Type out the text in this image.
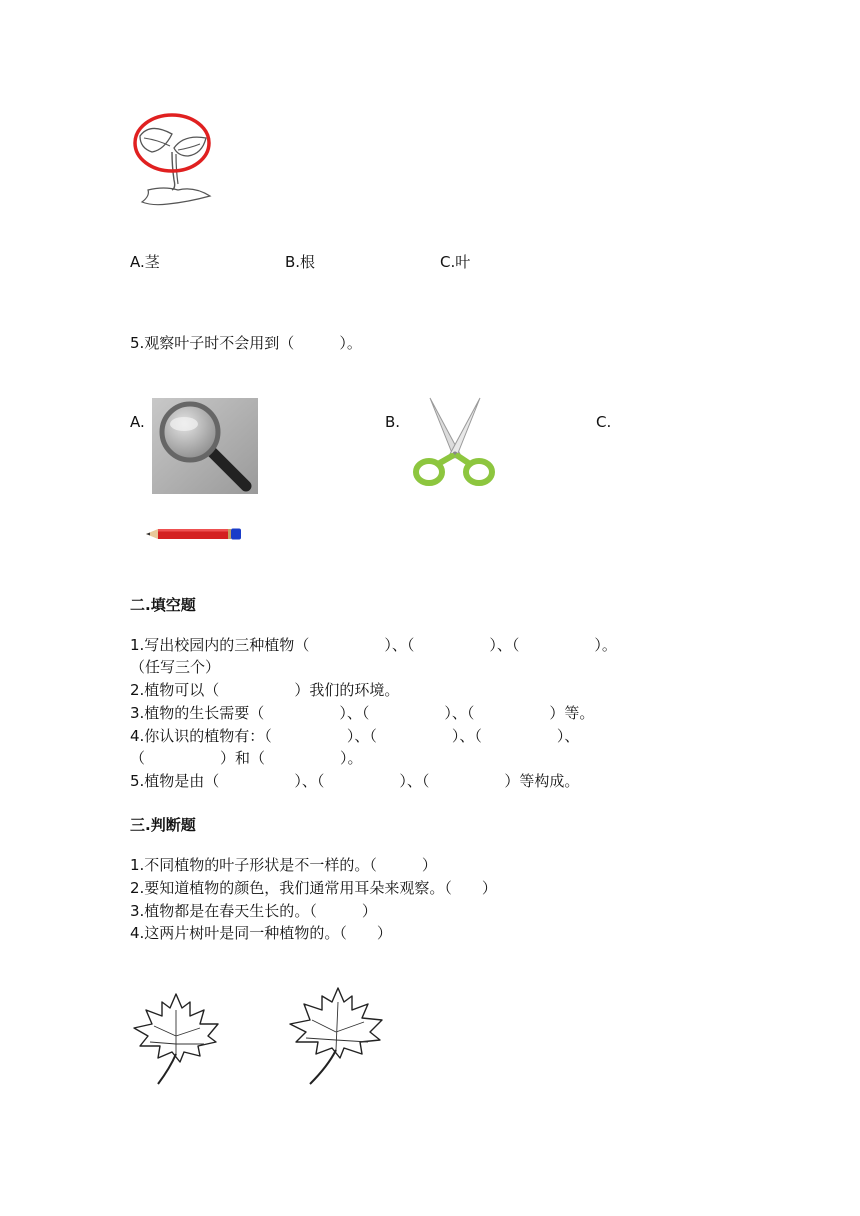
A.茎	B.根	C.叶
5.观察叶子时不会用到（　　　）。
A.	B.	C.
二.填空题
1.写出校园内的三种植物（　　　　　）、（　　　　　）、（　　　　　）。
（任写三个）
2.植物可以（　　　　　）我们的环境。
3.植物的生长需要（　　　　　）、（　　　　　）、（　　　　　）等。
4.你认识的植物有：（　　　　　）、（　　　　　）、（　　　　　）、
（　　　　　）和（　　　　　）。
5.植物是由（　　　　　）、（　　　　　）、（　　　　　）等构成。
三.判断题
1.不同植物的叶子形状是不一样的。（　　　）
2.要知道植物的颜色，我们通常用耳朵来观察。（　　）
3.植物都是在春天生长的。（　　　）
4.这两片树叶是同一种植物的。（　　）
